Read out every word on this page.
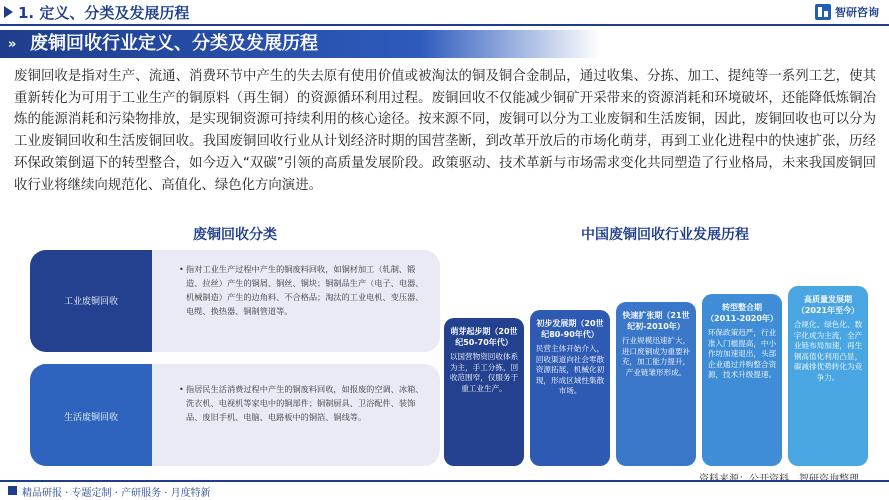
1. 定义、分类及发展历程	智研咨询
» 废铜回收行业定义、分类及发展历程

废铜回收是指对生产、流通、消费环节中产生的失去原有使用价值或被淘汰的铜及铜合金制品，通过收集、分拣、加工、提纯等一系列工艺，使其重新转化为可用于工业生产的铜原料（再生铜）的资源循环利用过程。废铜回收不仅能减少铜矿开采带来的资源消耗和环境破坏，还能降低炼铜冶炼的能源消耗和污染物排放，是实现铜资源可持续利用的核心途径。按来源不同，废铜可以分为工业废铜和生活废铜，因此，废铜回收也可以分为工业废铜回收和生活废铜回收。我国废铜回收行业从计划经济时期的国营垄断，到改革开放后的市场化萌芽，再到工业化进程中的快速扩张，历经环保政策倒逼下的转型整合，如今迈入“双碳”引领的高质量发展阶段。政策驱动、技术革新与市场需求变化共同塑造了行业格局，未来我国废铜回收行业将继续向规范化、高值化、绿色化方向演进。

废铜回收分类
工业废铜回收
• 指对工业生产过程中产生的铜废料回收，如铜材加工（轧制、锻造、拉丝）产生的铜屑、铜丝、铜块；铜制品生产（电子、电器、机械制造）产生的边角料、不合格品；淘汰的工业电机、变压器、电缆、换热器、铜制管道等。
生活废铜回收
• 指居民生活消费过程中产生的铜废料回收，如报废的空调、冰箱、洗衣机、电视机等家电中的铜部件；铜制厨具、卫浴配件、装饰品、废旧手机、电脑、电路板中的铜箔、铜线等。
中国废铜回收行业发展历程
萌芽起步期（20世纪50-70年代）
以国营物资回收体系为主，手工分拣，回收范围窄，仅服务于重工业生产。
初步发展期（20世纪80-90年代）
民营主体开始介入，回收渠道向社会零散资源拓展，机械化初现，形成区域性集散市场。
快速扩张期（21世纪初-2010年）
行业规模迅速扩大，进口废铜成为重要补充，加工能力提升，产业链雏形形成。
转型整合期（2011-2020年）
环保政策趋严，行业准入门槛提高，中小作坊加速退出，头部企业通过并购整合资源，技术升级提速。
高质量发展期（2021年至今）
合规化、绿色化、数字化成为主流，全产业链布局加速，再生铜高值化利用凸显，碳减排优势转化为竞争力。
精品研报 · 专题定制 · 产研服务 · 月度特新
